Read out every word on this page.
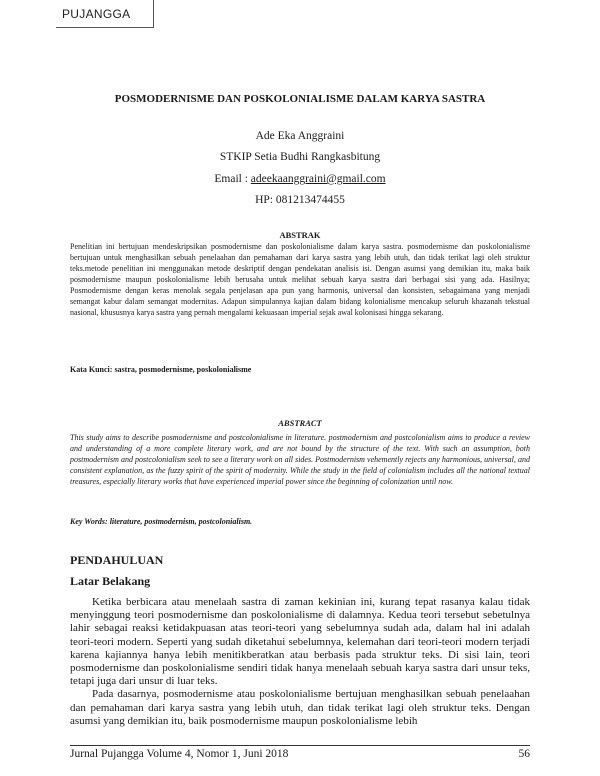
PUJANGGA
POSMODERNISME DAN POSKOLONIALISME DALAM KARYA SASTRA
Ade Eka Anggraini
STKIP Setia Budhi Rangkasbitung
Email : adeekaanggraini@gmail.com
HP: 081213474455
ABSTRAK
Penelitian ini bertujuan mendeskripsikan posmodernisme dan poskolonialisme dalam karya sastra. posmodernisme dan poskolonialisme bertujuan untuk menghasilkan sebuah penelaahan dan pemahaman dari karya sastra yang lebih utuh, dan tidak terikat lagi oleh struktur teks.metode penelitian ini menggunakan metode deskriptif dengan pendekatan analisis isi. Dengan asumsi yang demikian itu, maka baik posmodernisme maupun poskolonialisme lebih berusaha untuk melihat sebuah karya sastra dari berbagai sisi yang ada. Hasilnya; Posmodernisme dengan keras menolak segala penjelasan apa pun yang harmonis, universal dan konsisten, sebagaimana yang menjadi semangat kabur dalam semangat modernitas. Adapun simpulannya kajian dalam bidang kolonialisme mencakup seluruh khazanah tekstual nasional, khususnya karya sastra yang pernah mengalami kekuasaan imperial sejak awal kolonisasi hingga sekarang.
Kata Kunci: sastra, posmodernisme, poskolonialisme
ABSTRACT
This study aims to describe posmodernisme and postcolonialisme in literature. postmodernism and postcolonialism aims to produce a review and understanding of a more complete literary work, and are not bound by the structure of the text. With such an assumption, both postmodernism and postcolonialism seek to see a literary work on all sides. Postmodernism vehemently rejects any harmonious, universal, and consistent explanation, as the fuzzy spirit of the spirit of modernity. While the study in the field of colonialism includes all the national textual treasures, especially literary works that have experienced imperial power since the beginning of colonization until now.
Key Words: literature, postmodernism, postcolonialism.
PENDAHULUAN
Latar Belakang

Ketika berbicara atau menelaah sastra di zaman kekinian ini, kurang tepat rasanya kalau tidak menyinggung teori posmodernisme dan poskolonialisme di dalamnya. Kedua teori tersebut sebetulnya lahir sebagai reaksi ketidakpuasan atas teori-teori yang sebelumnya sudah ada, dalam hal ini adalah teori-teori modern. Seperti yang sudah diketahui sebelumnya, kelemahan dari teori-teori modern terjadi karena kajiannya hanya lebih menitikberatkan atau berbasis pada struktur teks. Di sisi lain, teori posmodernisme dan poskolonialisme sendiri tidak hanya menelaah sebuah karya sastra dari unsur teks, tetapi juga dari unsur di luar teks.

Pada dasarnya, posmodernisme atau poskolonialisme bertujuan menghasilkan sebuah penelaahan dan pemahaman dari karya sastra yang lebih utuh, dan tidak terikat lagi oleh struktur teks. Dengan asumsi yang demikian itu, baik posmodernisme maupun poskolonialisme lebih

Jurnal Pujangga Volume 4, Nomor 1, Juni 2018	56
